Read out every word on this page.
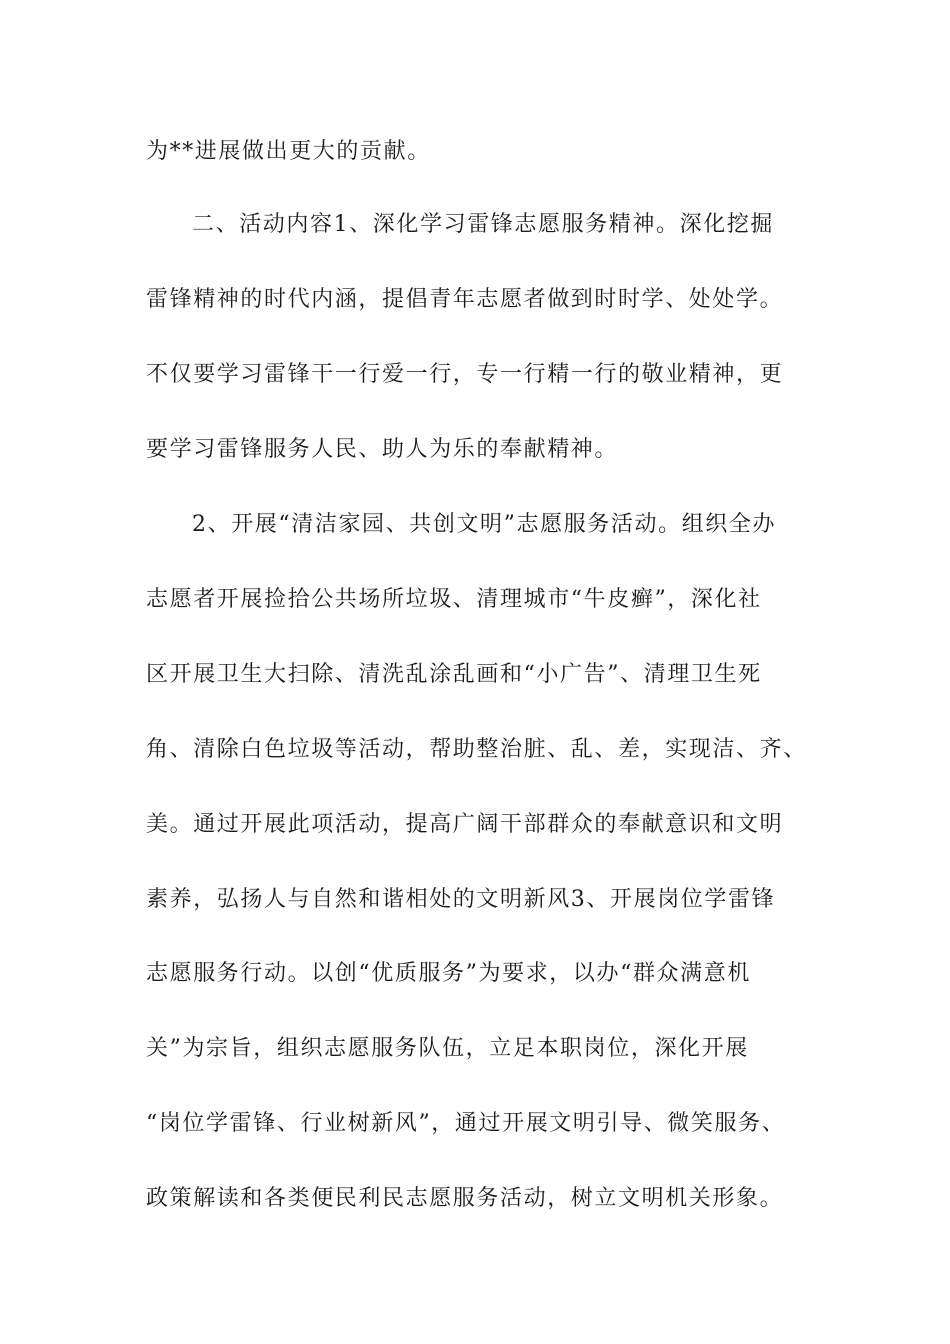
为**进展做出更大的贡献。
二、活动内容1、深化学习雷锋志愿服务精神。深化挖掘
雷锋精神的时代内涵，提倡青年志愿者做到时时学、处处学。
不仅要学习雷锋干一行爱一行，专一行精一行的敬业精神，更
要学习雷锋服务人民、助人为乐的奉献精神。
2、开展“清洁家园、共创文明”志愿服务活动。组织全办
志愿者开展捡拾公共场所垃圾、清理城市“牛皮癣”，深化社
区开展卫生大扫除、清洗乱涂乱画和“小广告”、清理卫生死
角、清除白色垃圾等活动，帮助整治脏、乱、差，实现洁、齐、
美。通过开展此项活动，提高广阔干部群众的奉献意识和文明
素养，弘扬人与自然和谐相处的文明新风3、开展岗位学雷锋
志愿服务行动。以创“优质服务”为要求，以办“群众满意机
关”为宗旨，组织志愿服务队伍，立足本职岗位，深化开展
“岗位学雷锋、行业树新风”，通过开展文明引导、微笑服务、
政策解读和各类便民利民志愿服务活动，树立文明机关形象。
